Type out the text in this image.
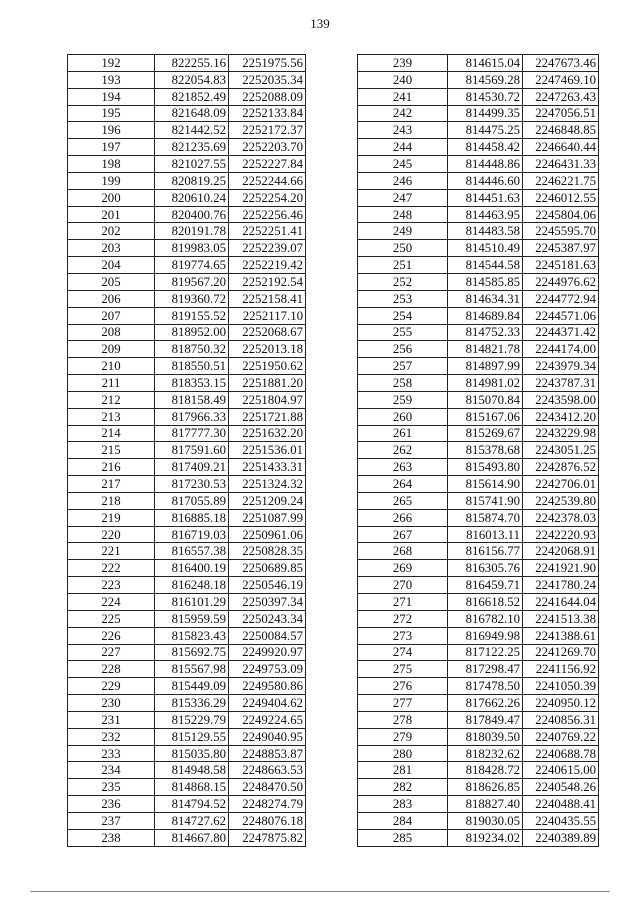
139
192	822255.16	2251975.56
193	822054.83	2252035.34
194	821852.49	2252088.09
195	821648.09	2252133.84
196	821442.52	2252172.37
197	821235.69	2252203.70
198	821027.55	2252227.84
199	820819.25	2252244.66
200	820610.24	2252254.20
201	820400.76	2252256.46
202	820191.78	2252251.41
203	819983.05	2252239.07
204	819774.65	2252219.42
205	819567.20	2252192.54
206	819360.72	2252158.41
207	819155.52	2252117.10
208	818952.00	2252068.67
209	818750.32	2252013.18
210	818550.51	2251950.62
211	818353.15	2251881.20
212	818158.49	2251804.97
213	817966.33	2251721.88
214	817777.30	2251632.20
215	817591.60	2251536.01
216	817409.21	2251433.31
217	817230.53	2251324.32
218	817055.89	2251209.24
219	816885.18	2251087.99
220	816719.03	2250961.06
221	816557.38	2250828.35
222	816400.19	2250689.85
223	816248.18	2250546.19
224	816101.29	2250397.34
225	815959.59	2250243.34
226	815823.43	2250084.57
227	815692.75	2249920.97
228	815567.98	2249753.09
229	815449.09	2249580.86
230	815336.29	2249404.62
231	815229.79	2249224.65
232	815129.55	2249040.95
233	815035.80	2248853.87
234	814948.58	2248663.53
235	814868.15	2248470.50
236	814794.52	2248274.79
237	814727.62	2248076.18
238	814667.80	2247875.82
239	814615.04	2247673.46
240	814569.28	2247469.10
241	814530.72	2247263.43
242	814499.35	2247056.51
243	814475.25	2246848.85
244	814458.42	2246640.44
245	814448.86	2246431.33
246	814446.60	2246221.75
247	814451.63	2246012.55
248	814463.95	2245804.06
249	814483.58	2245595.70
250	814510.49	2245387.97
251	814544.58	2245181.63
252	814585.85	2244976.62
253	814634.31	2244772.94
254	814689.84	2244571.06
255	814752.33	2244371.42
256	814821.78	2244174.00
257	814897.99	2243979.34
258	814981.02	2243787.31
259	815070.84	2243598.00
260	815167.06	2243412.20
261	815269.67	2243229.98
262	815378.68	2243051.25
263	815493.80	2242876.52
264	815614.90	2242706.01
265	815741.90	2242539.80
266	815874.70	2242378.03
267	816013.11	2242220.93
268	816156.77	2242068.91
269	816305.76	2241921.90
270	816459.71	2241780.24
271	816618.52	2241644.04
272	816782.10	2241513.38
273	816949.98	2241388.61
274	817122.25	2241269.70
275	817298.47	2241156.92
276	817478.50	2241050.39
277	817662.26	2240950.12
278	817849.47	2240856.31
279	818039.50	2240769.22
280	818232.62	2240688.78
281	818428.72	2240615.00
282	818626.85	2240548.26
283	818827.40	2240488.41
284	819030.05	2240435.55
285	819234.02	2240389.89
